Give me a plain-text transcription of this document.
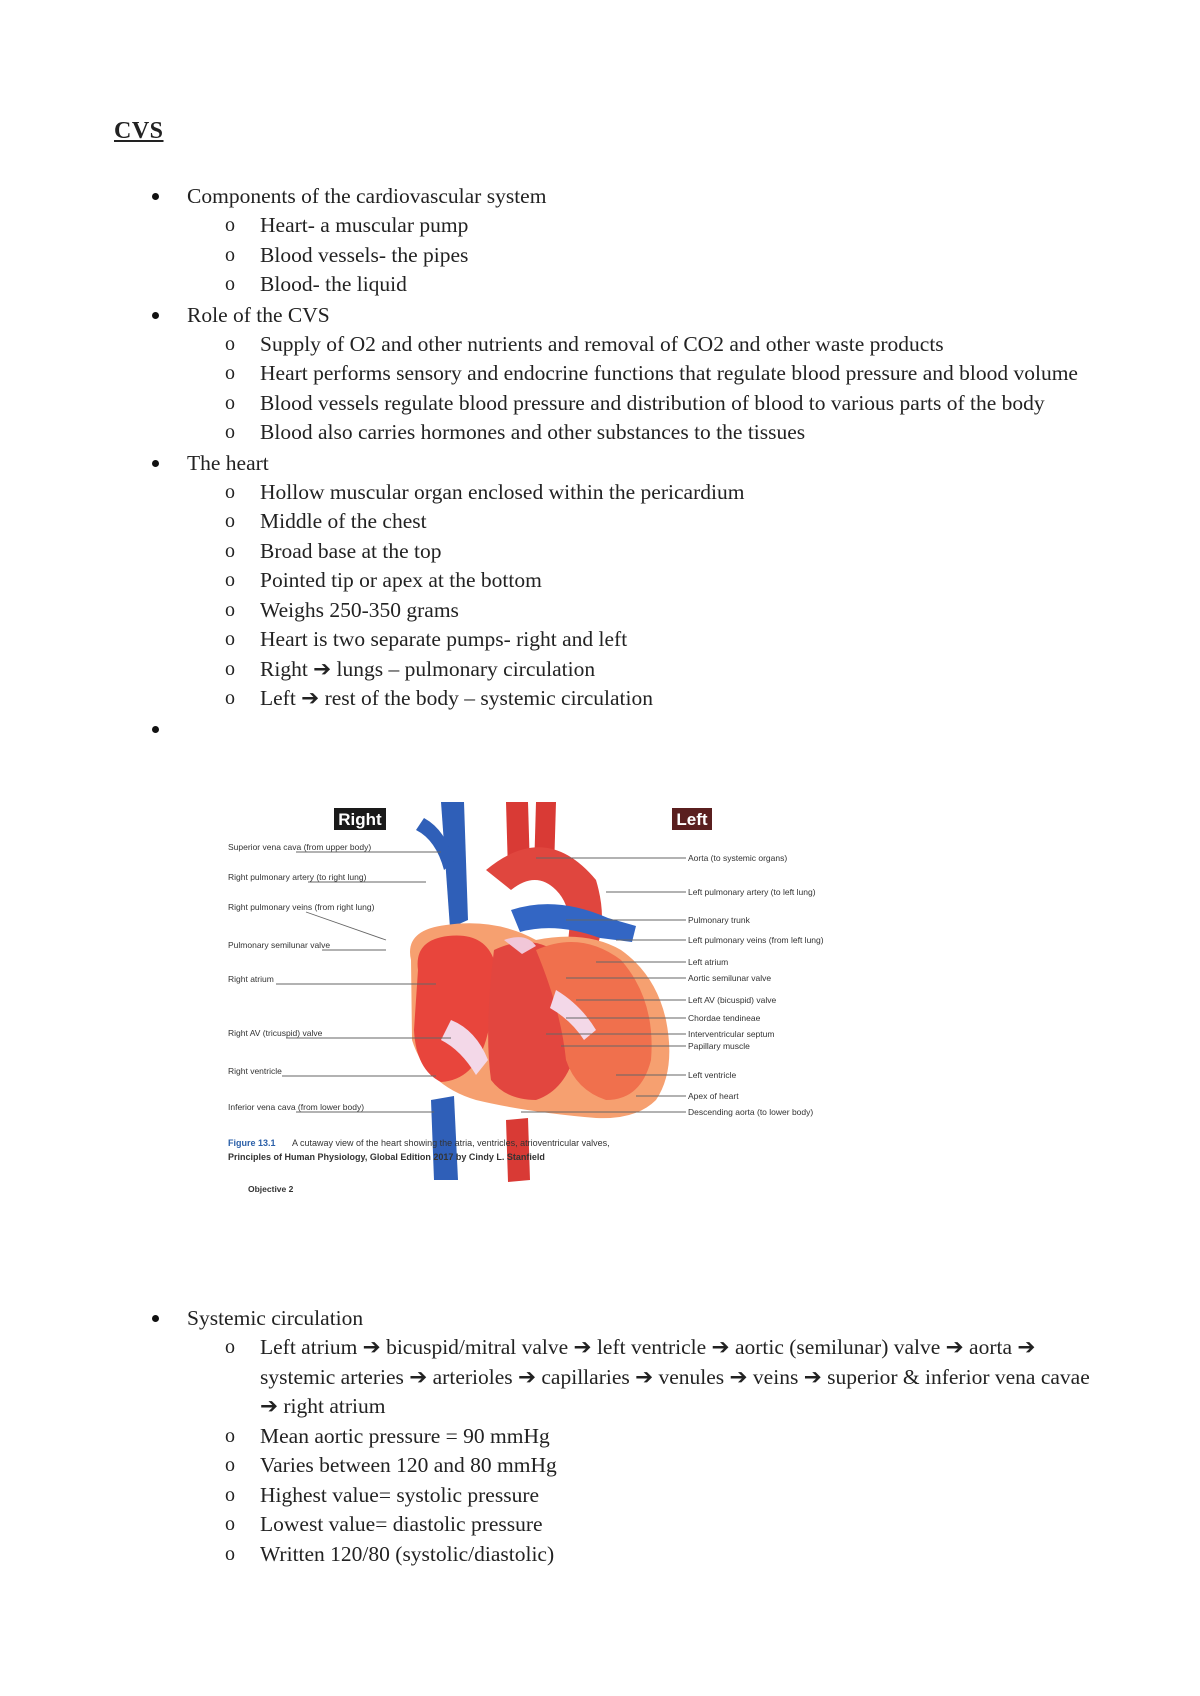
CVS
Components of the cardiovascular system
o Heart- a muscular pump
o Blood vessels- the pipes
o Blood- the liquid
Role of the CVS
o Supply of O2 and other nutrients and removal of CO2 and other waste products
o Heart performs sensory and endocrine functions that regulate blood pressure and blood volume
o Blood vessels regulate blood pressure and distribution of blood to various parts of the body
o Blood also carries hormones and other substances to the tissues
The heart
o Hollow muscular organ enclosed within the pericardium
o Middle of the chest
o Broad base at the top
o Pointed tip or apex at the bottom
o Weighs 250-350 grams
o Heart is two separate pumps- right and left
o Right ➔ lungs – pulmonary circulation
o Left ➔ rest of the body – systemic circulation
Right	Left
Superior vena cava (from upper body)
Right pulmonary artery (to right lung)
Right pulmonary veins (from right lung)
Pulmonary semilunar valve
Right atrium
Right AV (tricuspid) valve
Right ventricle
Inferior vena cava (from lower body)
Aorta (to systemic organs)
Left pulmonary artery (to left lung)
Pulmonary trunk
Left pulmonary veins (from left lung)
Left atrium
Aortic semilunar valve
Left AV (bicuspid) valve
Chordae tendineae
Interventricular septum
Papillary muscle
Left ventricle
Apex of heart
Descending aorta (to lower body)
Figure 13.1 A cutaway view of the heart showing the atria, ventricles, atrioventricular valves,
Principles of Human Physiology, Global Edition 2017 by Cindy L. Stanfield
Objective 2
Systemic circulation
o Left atrium ➔ bicuspid/mitral valve ➔ left ventricle ➔ aortic (semilunar) valve ➔ aorta ➔ systemic arteries ➔ arterioles ➔ capillaries ➔ venules ➔ veins ➔ superior & inferior vena cavae ➔ right atrium
o Mean aortic pressure = 90 mmHg
o Varies between 120 and 80 mmHg
o Highest value= systolic pressure
o Lowest value= diastolic pressure
o Written 120/80 (systolic/diastolic)
